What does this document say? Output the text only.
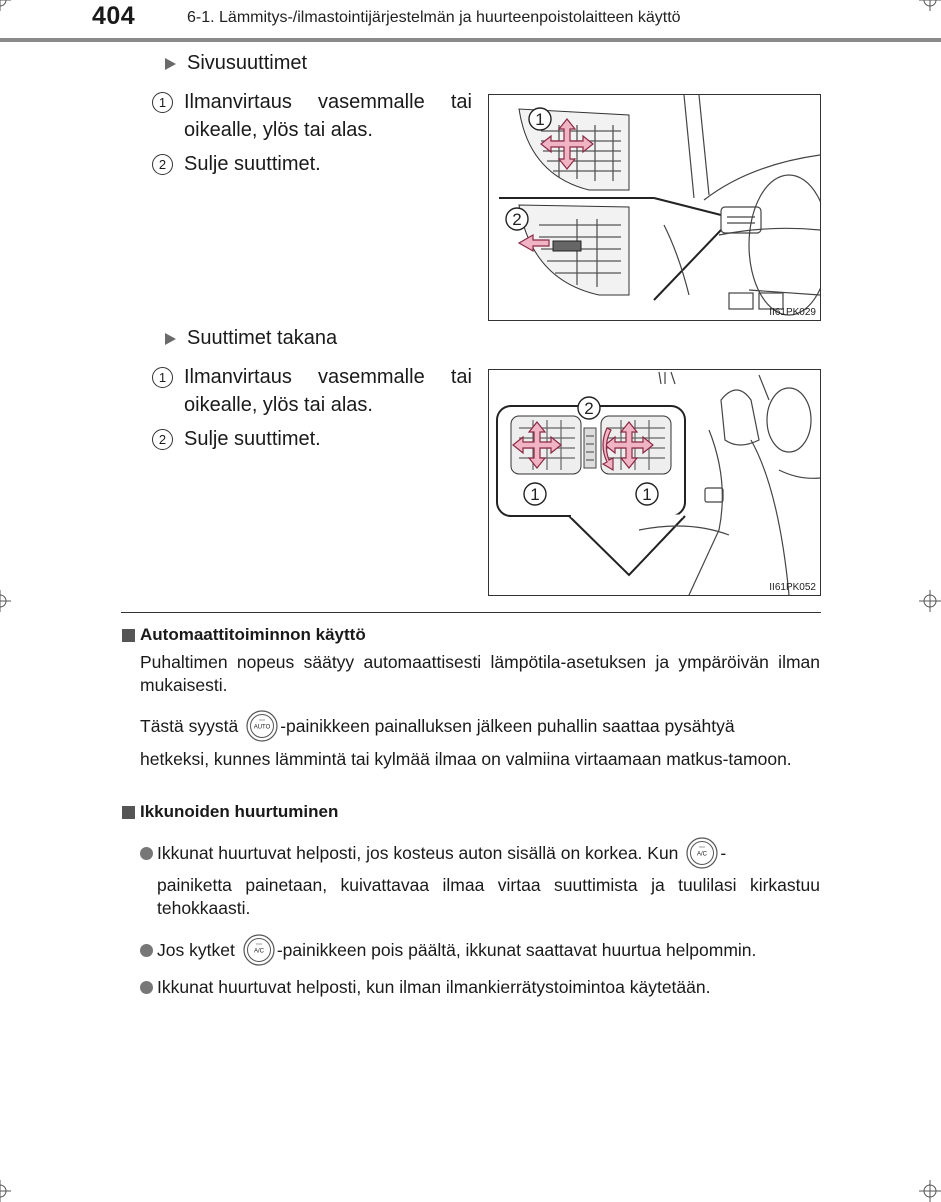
404	6-1. Lämmitys-/ilmastointijärjestelmän ja huurteenpoistolaitteen käyttö
Sivusuuttimet
1 Ilmanvirtaus vasemmalle tai oikealle, ylös tai alas.
2 Sulje suuttimet.
1
2
II61PK029
Suuttimet takana
1 Ilmanvirtaus vasemmalle tai oikealle, ylös tai alas.
2 Sulje suuttimet.
2
1	1
II61PK052
Automaattitoiminnon käyttö
Puhaltimen nopeus säätyy automaattisesti lämpötila-asetuksen ja ympäröivän ilman mukaisesti.
Tästä syystä	AUTO -painikkeen painalluksen jälkeen puhallin saattaa pysähtyä
hetkeksi, kunnes lämmintä tai kylmää ilmaa on valmiina virtaamaan matkus-tamoon.
Ikkunoiden huurtuminen
Ikkunat huurtuvat helposti, jos kosteus auton sisällä on korkea. Kun	A/C -
painiketta painetaan, kuivattavaa ilmaa virtaa suuttimista ja tuulilasi kirkastuu tehokkaasti.
Jos kytket	A/C -painikkeen pois päältä, ikkunat saattavat huurtua helpommin.
Ikkunat huurtuvat helposti, kun ilman ilmankierrätystoimintoa käytetään.
